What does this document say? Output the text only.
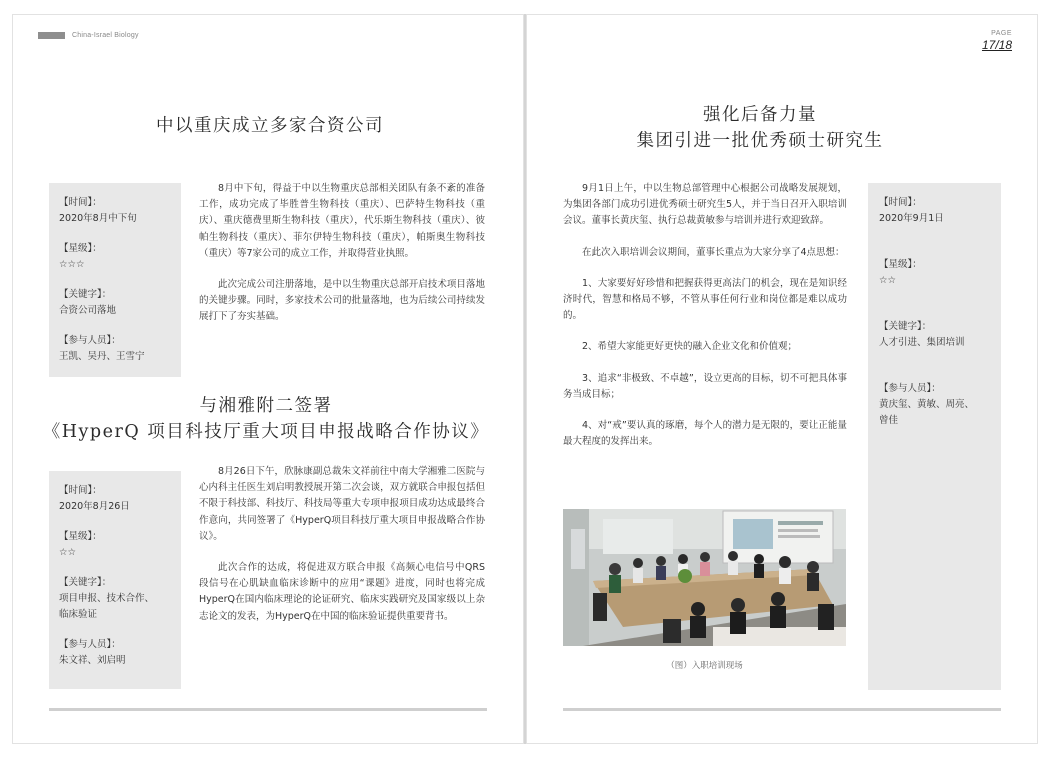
China-Israel Biology	PAGE
17/18
中以重庆成立多家合资公司
【时间】：
2020年8月中下旬
【星级】：
☆☆☆
【关键字】：
合资公司落地
【参与人员】：
王凯、吴丹、王雪宁

8月中下旬，得益于中以生物重庆总部相关团队有条不紊的准备工作，成功完成了毕胜普生物科技（重庆）、巴萨特生物科技（重庆）、重庆德费里斯生物科技（重庆），代乐斯生物科技（重庆）、彼帕生物科技（重庆）、菲尔伊特生物科技（重庆），帕斯奥生物科技（重庆）等7家公司的成立工作，并取得营业执照。

此次完成公司注册落地，是中以生物重庆总部开启技术项目落地的关键步骤。同时，多家技术公司的批量落地，也为后续公司持续发展打下了夯实基础。

与湘雅附二签署
《HyperQ 项目科技厅重大项目申报战略合作协议》
【时间】：
2020年8月26日
【星级】：
☆☆
【关键字】：
项目申报、技术合作、
临床验证
【参与人员】：
朱文祥、刘启明

8月26日下午，欣脉康副总裁朱文祥前往中南大学湘雅二医院与心内科主任医生刘启明教授展开第二次会谈，双方就联合申报包括但不限于科技部、科技厅、科技局等重大专项申报项目成功达成最终合作意向，共同签署了《HyperQ项目科技厅重大项目申报战略合作协议》。

此次合作的达成，将促进双方联合申报《高频心电信号中QRS段信号在心肌缺血临床诊断中的应用“课题》进度，同时也将完成HyperQ在国内临床理论的论证研究、临床实践研究及国家级以上杂志论文的发表，为HyperQ在中国的临床验证提供重要背书。

强化后备力量
集团引进一批优秀硕士研究生

9月1日上午，中以生物总部管理中心根据公司战略发展规划，为集团各部门成功引进优秀硕士研究生5人，并于当日召开入职培训会议。董事长黄庆玺、执行总裁黄敏参与培训并进行欢迎致辞。

在此次入职培训会议期间，董事长重点为大家分享了4点思想：

1、大家要好好珍惜和把握获得更高法门的机会，现在是知识经济时代，智慧和格局不够，不管从事任何行业和岗位都是难以成功的。

2、希望大家能更好更快的融入企业文化和价值观；

3、追求“非极致、不卓越”，设立更高的目标，切不可把具体事务当成目标；

4、对“戒”要认真的琢磨，每个人的潜力是无限的，要让正能量最大程度的发挥出来。

（图）入职培训现场
【时间】：
2020年9月1日
【星级】：
☆☆
【关键字】：
人才引进、集团培训
【参与人员】：
黄庆玺、黄敏、周亮、
曾佳
